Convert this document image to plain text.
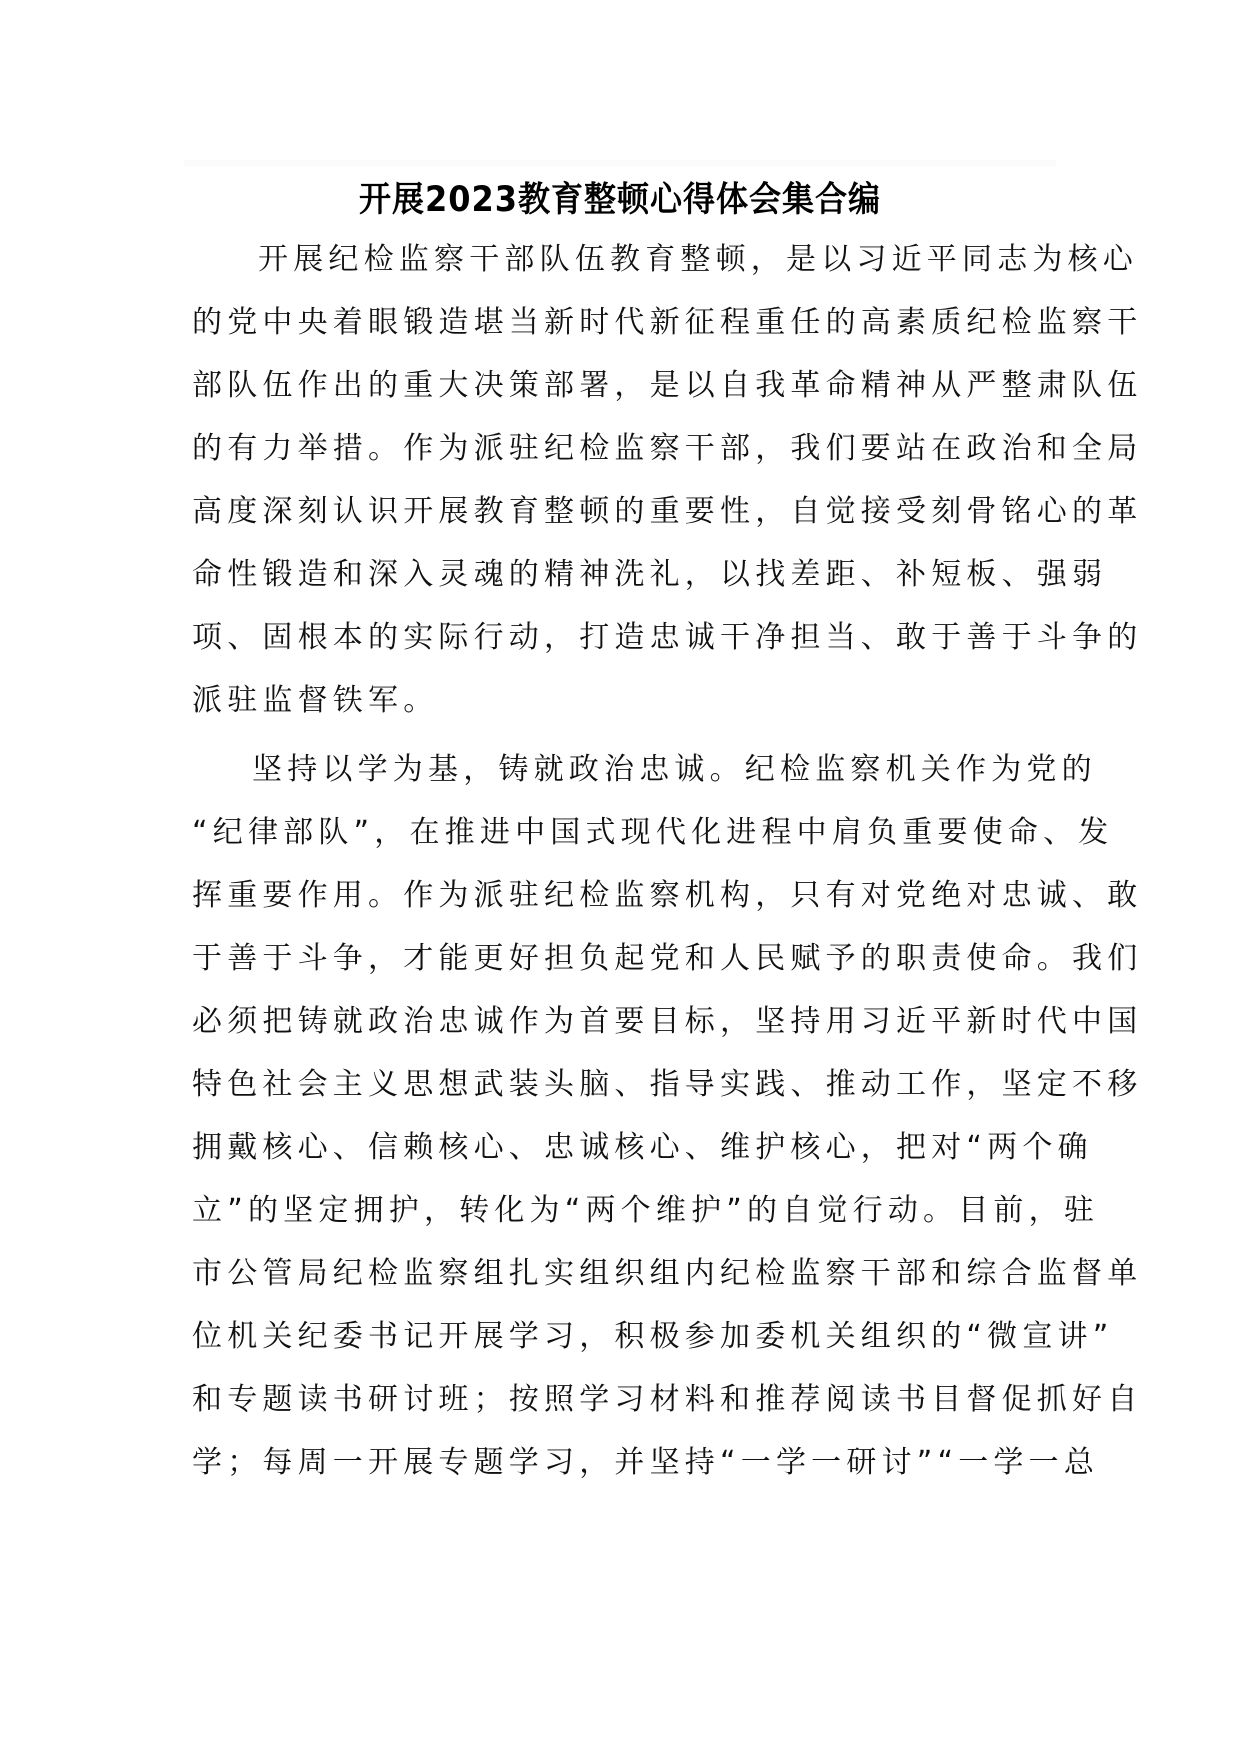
开展2023教育整顿心得体会集合编

开展纪检监察干部队伍教育整顿，是以习近平同志为核心
的党中央着眼锻造堪当新时代新征程重任的高素质纪检监察干
部队伍作出的重大决策部署，是以自我革命精神从严整肃队伍
的有力举措。作为派驻纪检监察干部，我们要站在政治和全局
高度深刻认识开展教育整顿的重要性，自觉接受刻骨铭心的革
命性锻造和深入灵魂的精神洗礼，以找差距、补短板、强弱
项、固根本的实际行动，打造忠诚干净担当、敢于善于斗争的
派驻监督铁军。

坚持以学为基，铸就政治忠诚。纪检监察机关作为党的
“纪律部队”，在推进中国式现代化进程中肩负重要使命、发
挥重要作用。作为派驻纪检监察机构，只有对党绝对忠诚、敢
于善于斗争，才能更好担负起党和人民赋予的职责使命。我们
必须把铸就政治忠诚作为首要目标，坚持用习近平新时代中国
特色社会主义思想武装头脑、指导实践、推动工作，坚定不移
拥戴核心、信赖核心、忠诚核心、维护核心，把对“两个确
立”的坚定拥护，转化为“两个维护”的自觉行动。目前，驻
市公管局纪检监察组扎实组织组内纪检监察干部和综合监督单
位机关纪委书记开展学习，积极参加委机关组织的“微宣讲”
和专题读书研讨班；按照学习材料和推荐阅读书目督促抓好自
学；每周一开展专题学习，并坚持“一学一研讨”“一学一总
